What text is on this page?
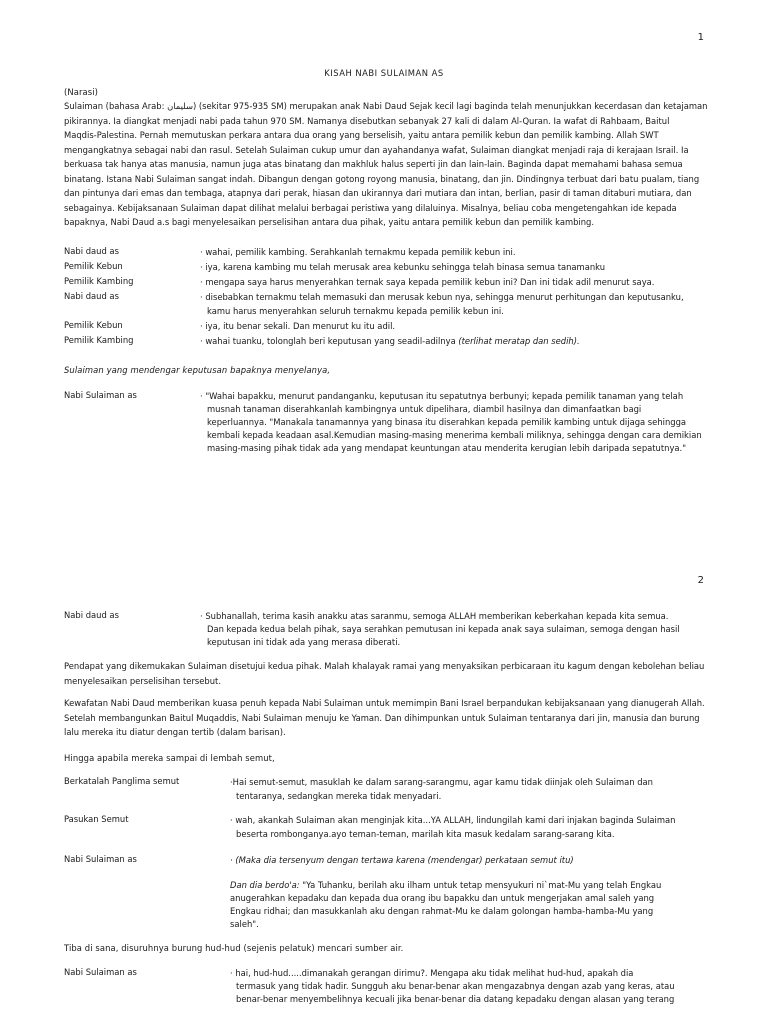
1
KISAH NABI SULAIMAN AS
(Narasi)

Sulaiman (bahasa Arab: سليمان) (sekitar 975-935 SM) merupakan anak Nabi Daud Sejak kecil lagi baginda telah menunjukkan kecerdasan dan ketajaman

pikirannya. Ia diangkat menjadi nabi pada tahun 970 SM. Namanya disebutkan sebanyak 27 kali di dalam Al-Quran. Ia wafat di Rahbaam, Baitul

Maqdis-Palestina. Pernah memutuskan perkara antara dua orang yang berselisih, yaitu antara pemilik kebun dan pemilik kambing. Allah SWT

mengangkatnya sebagai nabi dan rasul. Setelah Sulaiman cukup umur dan ayahandanya wafat, Sulaiman diangkat menjadi raja di kerajaan Israil. Ia

berkuasa tak hanya atas manusia, namun juga atas binatang dan makhluk halus seperti jin dan lain-lain. Baginda dapat memahami bahasa semua

binatang. Istana Nabi Sulaiman sangat indah. Dibangun dengan gotong royong manusia, binatang, dan jin. Dindingnya terbuat dari batu pualam, tiang

dan pintunya dari emas dan tembaga, atapnya dari perak, hiasan dan ukirannya dari mutiara dan intan, berlian, pasir di taman ditaburi mutiara, dan

sebagainya. Kebijaksanaan Sulaiman dapat dilihat melalui berbagai peristiwa yang dilaluinya. Misalnya, beliau coba mengetengahkan ide kepada

bapaknya, Nabi Daud a.s bagi menyelesaikan perselisihan antara dua pihak, yaitu antara pemilik kebun dan pemilik kambing.

Nabi daud as	· wahai, pemilik kambing. Serahkanlah ternakmu kepada pemilik kebun ini.
Pemilik Kebun	· iya, karena kambing mu telah merusak area kebunku sehingga telah binasa semua tanamanku
Pemilik Kambing	· mengapa saya harus menyerahkan ternak saya kepada pemilik kebun ini? Dan ini tidak adil menurut saya.
Nabi daud as	· disebabkan ternakmu telah memasuki dan merusak kebun nya, sehingga menurut perhitungan dan keputusanku,
kamu harus menyerahkan seluruh ternakmu kepada pemilik kebun ini.
Pemilik Kebun	· iya, itu benar sekali. Dan menurut ku itu adil.
Pemilik Kambing	· wahai tuanku, tolonglah beri keputusan yang seadil-adilnya (terlihat meratap dan sedih).
Sulaiman yang mendengar keputusan bapaknya menyelanya,
Nabi Sulaiman as	· "Wahai bapakku, menurut pandanganku, keputusan itu sepatutnya berbunyi; kepada pemilik tanaman yang telah
musnah tanaman diserahkanlah kambingnya untuk dipelihara, diambil hasilnya dan dimanfaatkan bagi
keperluannya. "Manakala tanamannya yang binasa itu diserahkan kepada pemilik kambing untuk dijaga sehingga
kembali kepada keadaan asal.Kemudian masing-masing menerima kembali miliknya, sehingga dengan cara demikian
masing-masing pihak tidak ada yang mendapat keuntungan atau menderita kerugian lebih daripada sepatutnya."
2
Nabi daud as	· Subhanallah, terima kasih anakku atas saranmu, semoga ALLAH memberikan keberkahan kepada kita semua.
Dan kepada kedua belah pihak, saya serahkan pemutusan ini kepada anak saya sulaiman, semoga dengan hasil
keputusan ini tidak ada yang merasa diberati.

Pendapat yang dikemukakan Sulaiman disetujui kedua pihak. Malah khalayak ramai yang menyaksikan perbicaraan itu kagum dengan kebolehan beliau

menyelesaikan perselisihan tersebut.

Kewafatan Nabi Daud memberikan kuasa penuh kepada Nabi Sulaiman untuk memimpin Bani Israel berpandukan kebijaksanaan yang dianugerah Allah.

Setelah membangunkan Baitul Muqaddis, Nabi Sulaiman menuju ke Yaman. Dan dihimpunkan untuk Sulaiman tentaranya dari jin, manusia dan burung

lalu mereka itu diatur dengan tertib (dalam barisan).

Hingga apabila mereka sampai di lembah semut,
Berkatalah Panglima semut	·Hai semut-semut, masuklah ke dalam sarang-sarangmu, agar kamu tidak diinjak oleh Sulaiman dan
tentaranya, sedangkan mereka tidak menyadari.
Pasukan Semut	· wah, akankah Sulaiman akan menginjak kita...YA ALLAH, lindungilah kami dari injakan baginda Sulaiman
beserta rombonganya.ayo teman-teman, marilah kita masuk kedalam sarang-sarang kita.
Nabi Sulaiman as	· (Maka dia tersenyum dengan tertawa karena (mendengar) perkataan semut itu)
Dan dia berdo'a: "Ya Tuhanku, berilah aku ilham untuk tetap mensyukuri ni`mat-Mu yang telah Engkau
anugerahkan kepadaku dan kepada dua orang ibu bapakku dan untuk mengerjakan amal saleh yang
Engkau ridhai; dan masukkanlah aku dengan rahmat-Mu ke dalam golongan hamba-hamba-Mu yang
saleh".
Tiba di sana, disuruhnya burung hud-hud (sejenis pelatuk) mencari sumber air.
Nabi Sulaiman as	· hai, hud-hud.....dimanakah gerangan dirimu?. Mengapa aku tidak melihat hud-hud, apakah dia
termasuk yang tidak hadir. Sungguh aku benar-benar akan mengazabnya dengan azab yang keras, atau
benar-benar menyembelihnya kecuali jika benar-benar dia datang kepadaku dengan alasan yang terang
